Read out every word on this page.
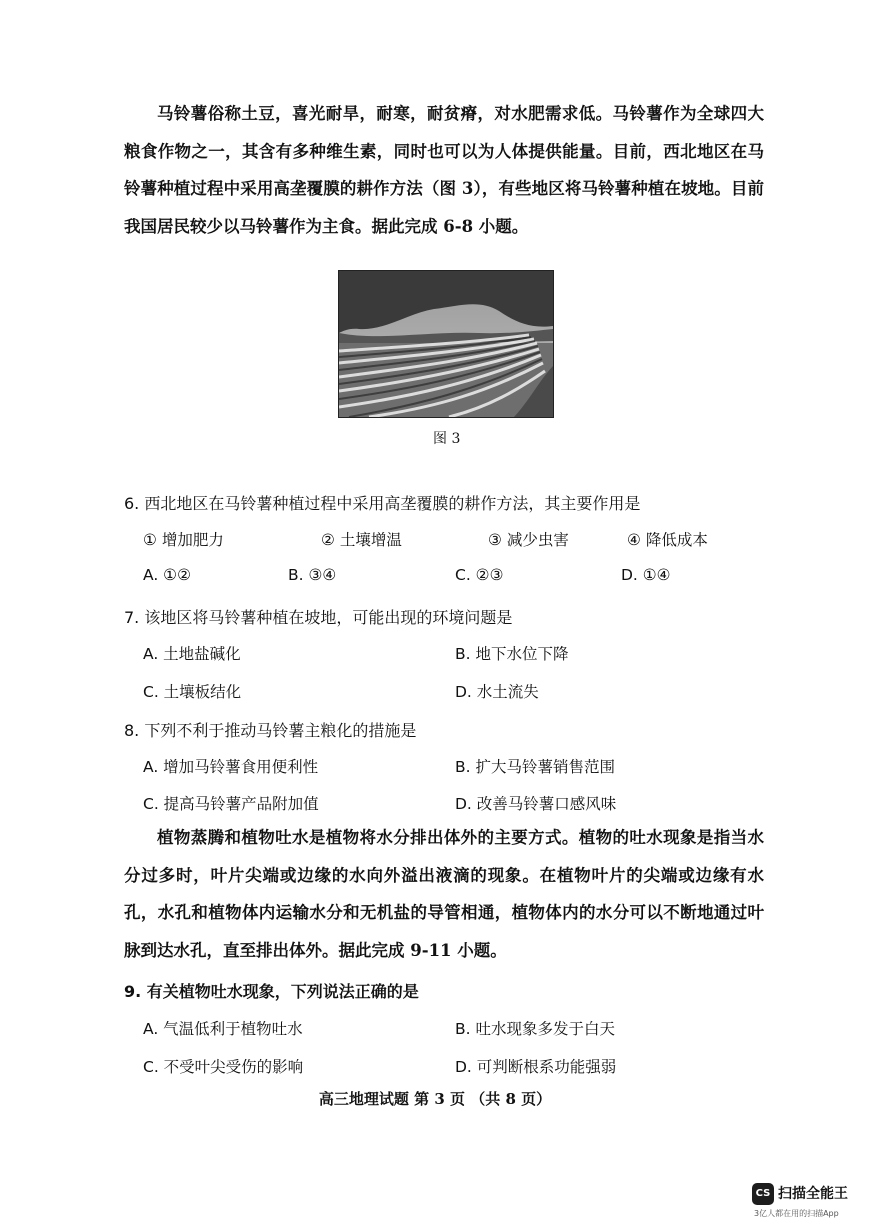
马铃薯俗称土豆，喜光耐旱，耐寒，耐贫瘠，对水肥需求低。马铃薯作为全球四大粮食作物之一，其含有多种维生素，同时也可以为人体提供能量。目前，西北地区在马铃薯种植过程中采用高垄覆膜的耕作方法（图 3），有些地区将马铃薯种植在坡地。目前我国居民较少以马铃薯作为主食。据此完成 6-8 小题。
图 3
6. 西北地区在马铃薯种植过程中采用高垄覆膜的耕作方法，其主要作用是
① 增加肥力	② 土壤增温	③ 减少虫害	④ 降低成本
A. ①②	B. ③④	C. ②③	D. ①④
7. 该地区将马铃薯种植在坡地，可能出现的环境问题是
A. 土地盐碱化	B. 地下水位下降
C. 土壤板结化	D. 水土流失
8. 下列不利于推动马铃薯主粮化的措施是
A. 增加马铃薯食用便利性	B. 扩大马铃薯销售范围
C. 提高马铃薯产品附加值	D. 改善马铃薯口感风味
植物蒸腾和植物吐水是植物将水分排出体外的主要方式。植物的吐水现象是指当水分过多时，叶片尖端或边缘的水向外溢出液滴的现象。在植物叶片的尖端或边缘有水孔，水孔和植物体内运输水分和无机盐的导管相通，植物体内的水分可以不断地通过叶脉到达水孔，直至排出体外。据此完成 9-11 小题。
9. 有关植物吐水现象，下列说法正确的是
A. 气温低利于植物吐水	B. 吐水现象多发于白天
C. 不受叶尖受伤的影响	D. 可判断根系功能强弱
高三地理试题 第 3 页 （共 8 页）
CS 扫描全能王
3亿人都在用的扫描App
